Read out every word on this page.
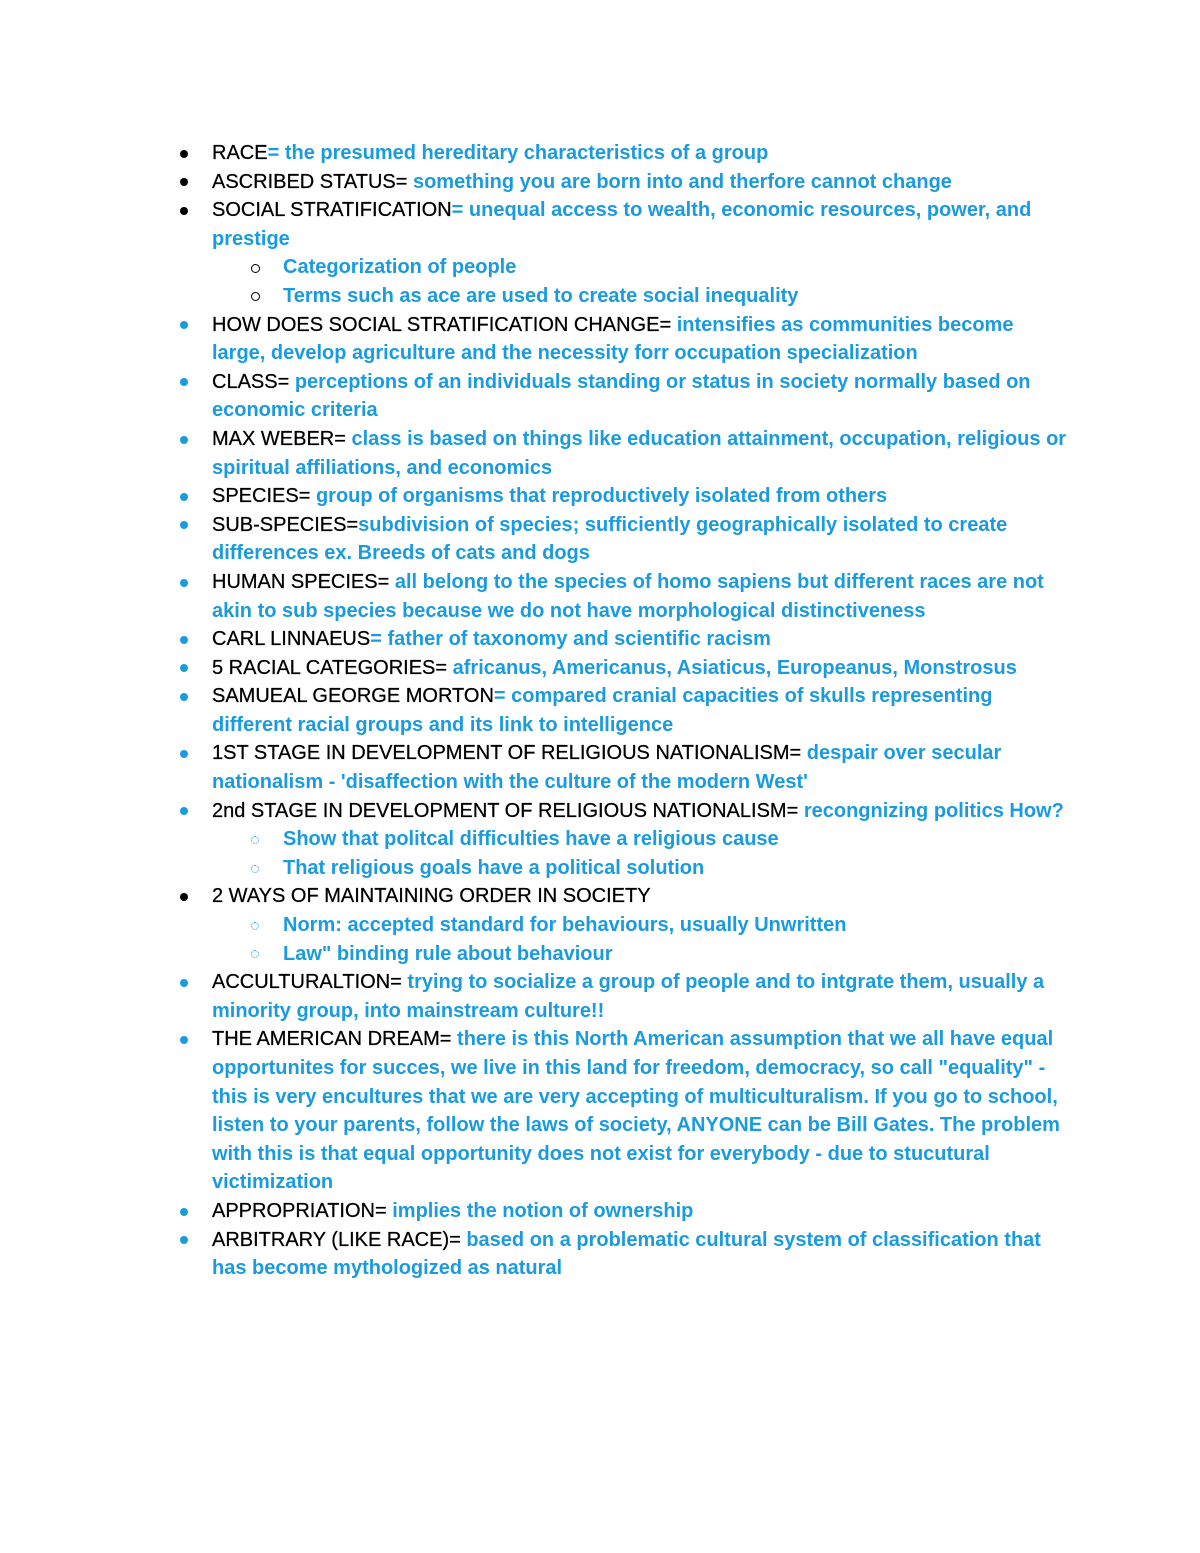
RACE= the presumed hereditary characteristics of a group
ASCRIBED STATUS= something you are born into and therfore cannot change
SOCIAL STRATIFICATION= unequal access to wealth, economic resources, power, and prestige
Categorization of people
Terms such as ace are used to create social inequality
HOW DOES SOCIAL STRATIFICATION CHANGE= intensifies as communities become large, develop agriculture and the necessity forr occupation specialization
CLASS= perceptions of an individuals standing or status in society normally based on economic criteria
MAX WEBER= class is based on things like education attainment, occupation, religious or spiritual affiliations, and economics
SPECIES= group of organisms that reproductively isolated from others
SUB-SPECIES=subdivision of species; sufficiently geographically isolated to create differences ex. Breeds of cats and dogs
HUMAN SPECIES= all belong to the species of homo sapiens but different races are not akin to sub species because we do not have morphological distinctiveness
CARL LINNAEUS= father of taxonomy and scientific racism
5 RACIAL CATEGORIES= africanus, Americanus, Asiaticus, Europeanus, Monstrosus
SAMUEAL GEORGE MORTON= compared cranial capacities of skulls representing different racial groups and its link to intelligence
1ST STAGE IN DEVELOPMENT OF RELIGIOUS NATIONALISM= despair over secular nationalism - 'disaffection with the culture of the modern West'
2nd STAGE IN DEVELOPMENT OF RELIGIOUS NATIONALISM= recongnizing politics How?
Show that politcal difficulties have a religious cause
That religious goals have a political solution
2 WAYS OF MAINTAINING ORDER IN SOCIETY
Norm: accepted standard for behaviours, usually Unwritten
Law" binding rule about behaviour
ACCULTURALTION= trying to socialize a group of people and to intgrate them, usually a minority group, into mainstream culture!!
THE AMERICAN DREAM= there is this North American assumption that we all have equal opportunites for succes, we live in this land for freedom, democracy, so call "equality" - this is very encultures that we are very accepting of multiculturalism. If you go to school, listen to your parents, follow the laws of society, ANYONE can be Bill Gates. The problem with this is that equal opportunity does not exist for everybody - due to stucutural victimization
APPROPRIATION= implies the notion of ownership
ARBITRARY (LIKE RACE)= based on a problematic cultural system of classification that has become mythologized as natural
